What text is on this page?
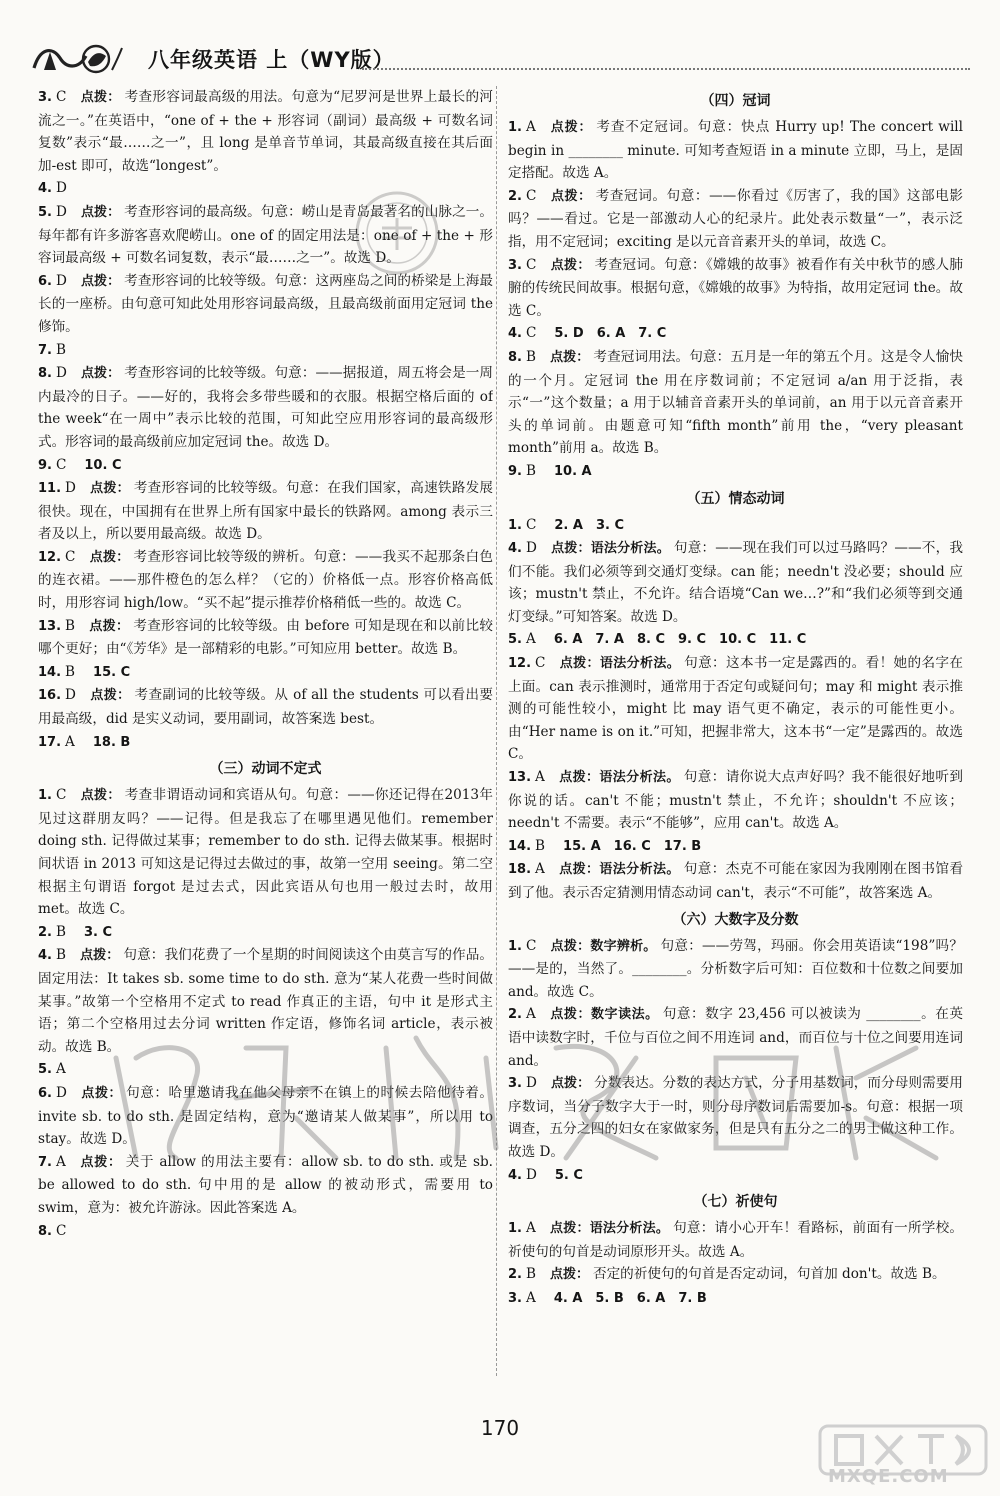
八年级英语 上（WY版）

3. C 点拨： 考查形容词最高级的用法。句意为“尼罗河是世界上最长的河流之一。”在英语中，“one of + the + 形容词（副词）最高级 + 可数名词复数”表示“最……之一”，且 long 是单音节单词，其最高级直接在其后面加-est 即可，故选“longest”。

4. D

5. D 点拨： 考查形容词的最高级。句意：崂山是青岛最著名的山脉之一。每年都有许多游客喜欢爬崂山。one of 的固定用法是：one of + the + 形容词最高级 + 可数名词复数，表示“最……之一”。故选 D。

6. D 点拨： 考查形容词的比较等级。句意：这两座岛之间的桥梁是上海最长的一座桥。由句意可知此处用形容词最高级，且最高级前面用定冠词 the 修饰。

7. B

8. D 点拨： 考查形容词的比较等级。句意：——据报道，周五将会是一周内最冷的日子。——好的，我将会多带些暖和的衣服。根据空格后面的 of the week“在一周中”表示比较的范围，可知此空应用形容词的最高级形式。形容词的最高级前应加定冠词 the。故选 D。

9. C 10. C

11. D 点拨： 考查形容词的比较等级。句意：在我们国家，高速铁路发展很快。现在，中国拥有在世界上所有国家中最长的铁路网。among 表示三者及以上，所以要用最高级。故选 D。

12. C 点拨： 考查形容词比较等级的辨析。句意：——我买不起那条白色的连衣裙。——那件橙色的怎么样？（它的）价格低一点。形容价格高低时，用形容词 high/low。“买不起”提示推荐价格稍低一些的。故选 C。

13. B 点拨： 考查形容词的比较等级。由 before 可知是现在和以前比较哪个更好；由“《芳华》是一部精彩的电影。”可知应用 better。故选 B。

14. B 15. C

16. D 点拨： 考查副词的比较等级。从 of all the students 可以看出要用最高级，did 是实义动词，要用副词，故答案选 best。

17. A 18. B

（三）动词不定式

1. C 点拨： 考查非谓语动词和宾语从句。句意：——你还记得在2013年见过这群朋友吗？——记得。但是我忘了在哪里遇见他们。remember doing sth. 记得做过某事；remember to do sth. 记得去做某事。根据时间状语 in 2013 可知这是记得过去做过的事，故第一空用 seeing。第二空根据主句谓语 forgot 是过去式，因此宾语从句也用一般过去时，故用 met。故选 C。

2. B 3. C

4. B 点拨： 句意：我们花费了一个星期的时间阅读这个由莫言写的作品。固定用法：It takes sb. some time to do sth. 意为“某人花费一些时间做某事。”故第一个空格用不定式 to read 作真正的主语，句中 it 是形式主语；第二个空格用过去分词 written 作定语，修饰名词 article，表示被动。故选 B。

5. A

6. D 点拨： 句意：哈里邀请我在他父母亲不在镇上的时候去陪他待着。invite sb. to do sth. 是固定结构，意为“邀请某人做某事”，所以用 to stay。故选 D。

7. A 点拨： 关于 allow 的用法主要有：allow sb. to do sth. 或是 sb. be allowed to do sth. 句中用的是 allow 的被动形式，需要用 to swim，意为：被允许游泳。因此答案选 A。

8. C

（四）冠词

1. A 点拨： 考查不定冠词。句意：快点 Hurry up! The concert will begin in ________ minute. 可知考查短语 in a minute 立即，马上，是固定搭配。故选 A。

2. C 点拨： 考查冠词。句意：——你看过《厉害了，我的国》这部电影吗？——看过。它是一部激动人心的纪录片。此处表示数量“一”，表示泛指，用不定冠词；exciting 是以元音音素开头的单词，故选 C。

3. C 点拨： 考查冠词。句意：《嫦娥的故事》被看作有关中秋节的感人肺腑的传统民间故事。根据句意，《嫦娥的故事》为特指，故用定冠词 the。故选 C。

4. C 5. D　6. A　7. C

8. B 点拨： 考查冠词用法。句意：五月是一年的第五个月。这是令人愉快的一个月。定冠词 the 用在序数词前；不定冠词 a/an 用于泛指，表示“一”这个数量；a 用于以辅音音素开头的单词前，an 用于以元音音素开头的单词前。由题意可知“fifth month”前用 the，“very pleasant month”前用 a。故选 B。

9. B 10. A

（五）情态动词

1. C 2. A　3. C

4. D 点拨：语法分析法。 句意：——现在我们可以过马路吗？——不，我们不能。我们必须等到交通灯变绿。can 能；needn't 没必要；should 应该；mustn't 禁止，不允许。结合语境“Can we…?”和“我们必须等到交通灯变绿。”可知答案。故选 D。

5. A 6. A　7. A　8. C　9. C　10. C　11. C

12. C 点拨：语法分析法。 句意：这本书一定是露西的。看！她的名字在上面。can 表示推测时，通常用于否定句或疑问句；may 和 might 表示推测的可能性较小，might 比 may 语气更不确定，表示的可能性更小。由“Her name is on it.”可知，把握非常大，这本书“一定”是露西的。故选 C。

13. A 点拨：语法分析法。 句意：请你说大点声好吗？我不能很好地听到你说的话。can't 不能；mustn't 禁止，不允许；shouldn't 不应该；needn't 不需要。表示“不能够”，应用 can't。故选 A。

14. B 15. A　16. C　17. B

18. A 点拨：语法分析法。 句意：杰克不可能在家因为我刚刚在图书馆看到了他。表示否定猜测用情态动词 can't，表示“不可能”，故答案选 A。

（六）大数字及分数

1. C 点拨：数字辨析。 句意：——劳驾，玛丽。你会用英语读“198”吗？——是的，当然了。________。分析数字后可知：百位数和十位数之间要加 and。故选 C。

2. A 点拨：数字读法。 句意：数字 23,456 可以被读为 ________。在英语中读数字时，千位与百位之间不用连词 and，而百位与十位之间要用连词 and。

3. D 点拨： 分数表达。分数的表达方式，分子用基数词，而分母则需要用序数词，当分子数字大于一时，则分母序数词后需要加-s。句意：根据一项调查，五分之四的妇女在家做家务，但是只有五分之二的男士做这种工作。故选 D。

4. D 5. C

（七）祈使句

1. A 点拨：语法分析法。 句意：请小心开车！看路标，前面有一所学校。祈使句的句首是动词原形开头。故选 A。

2. B 点拨： 否定的祈使句的句首是否定动词，句首加 don't。故选 B。

3. A 4. A　5. B　6. A　7. B

MXQE.COM
170
